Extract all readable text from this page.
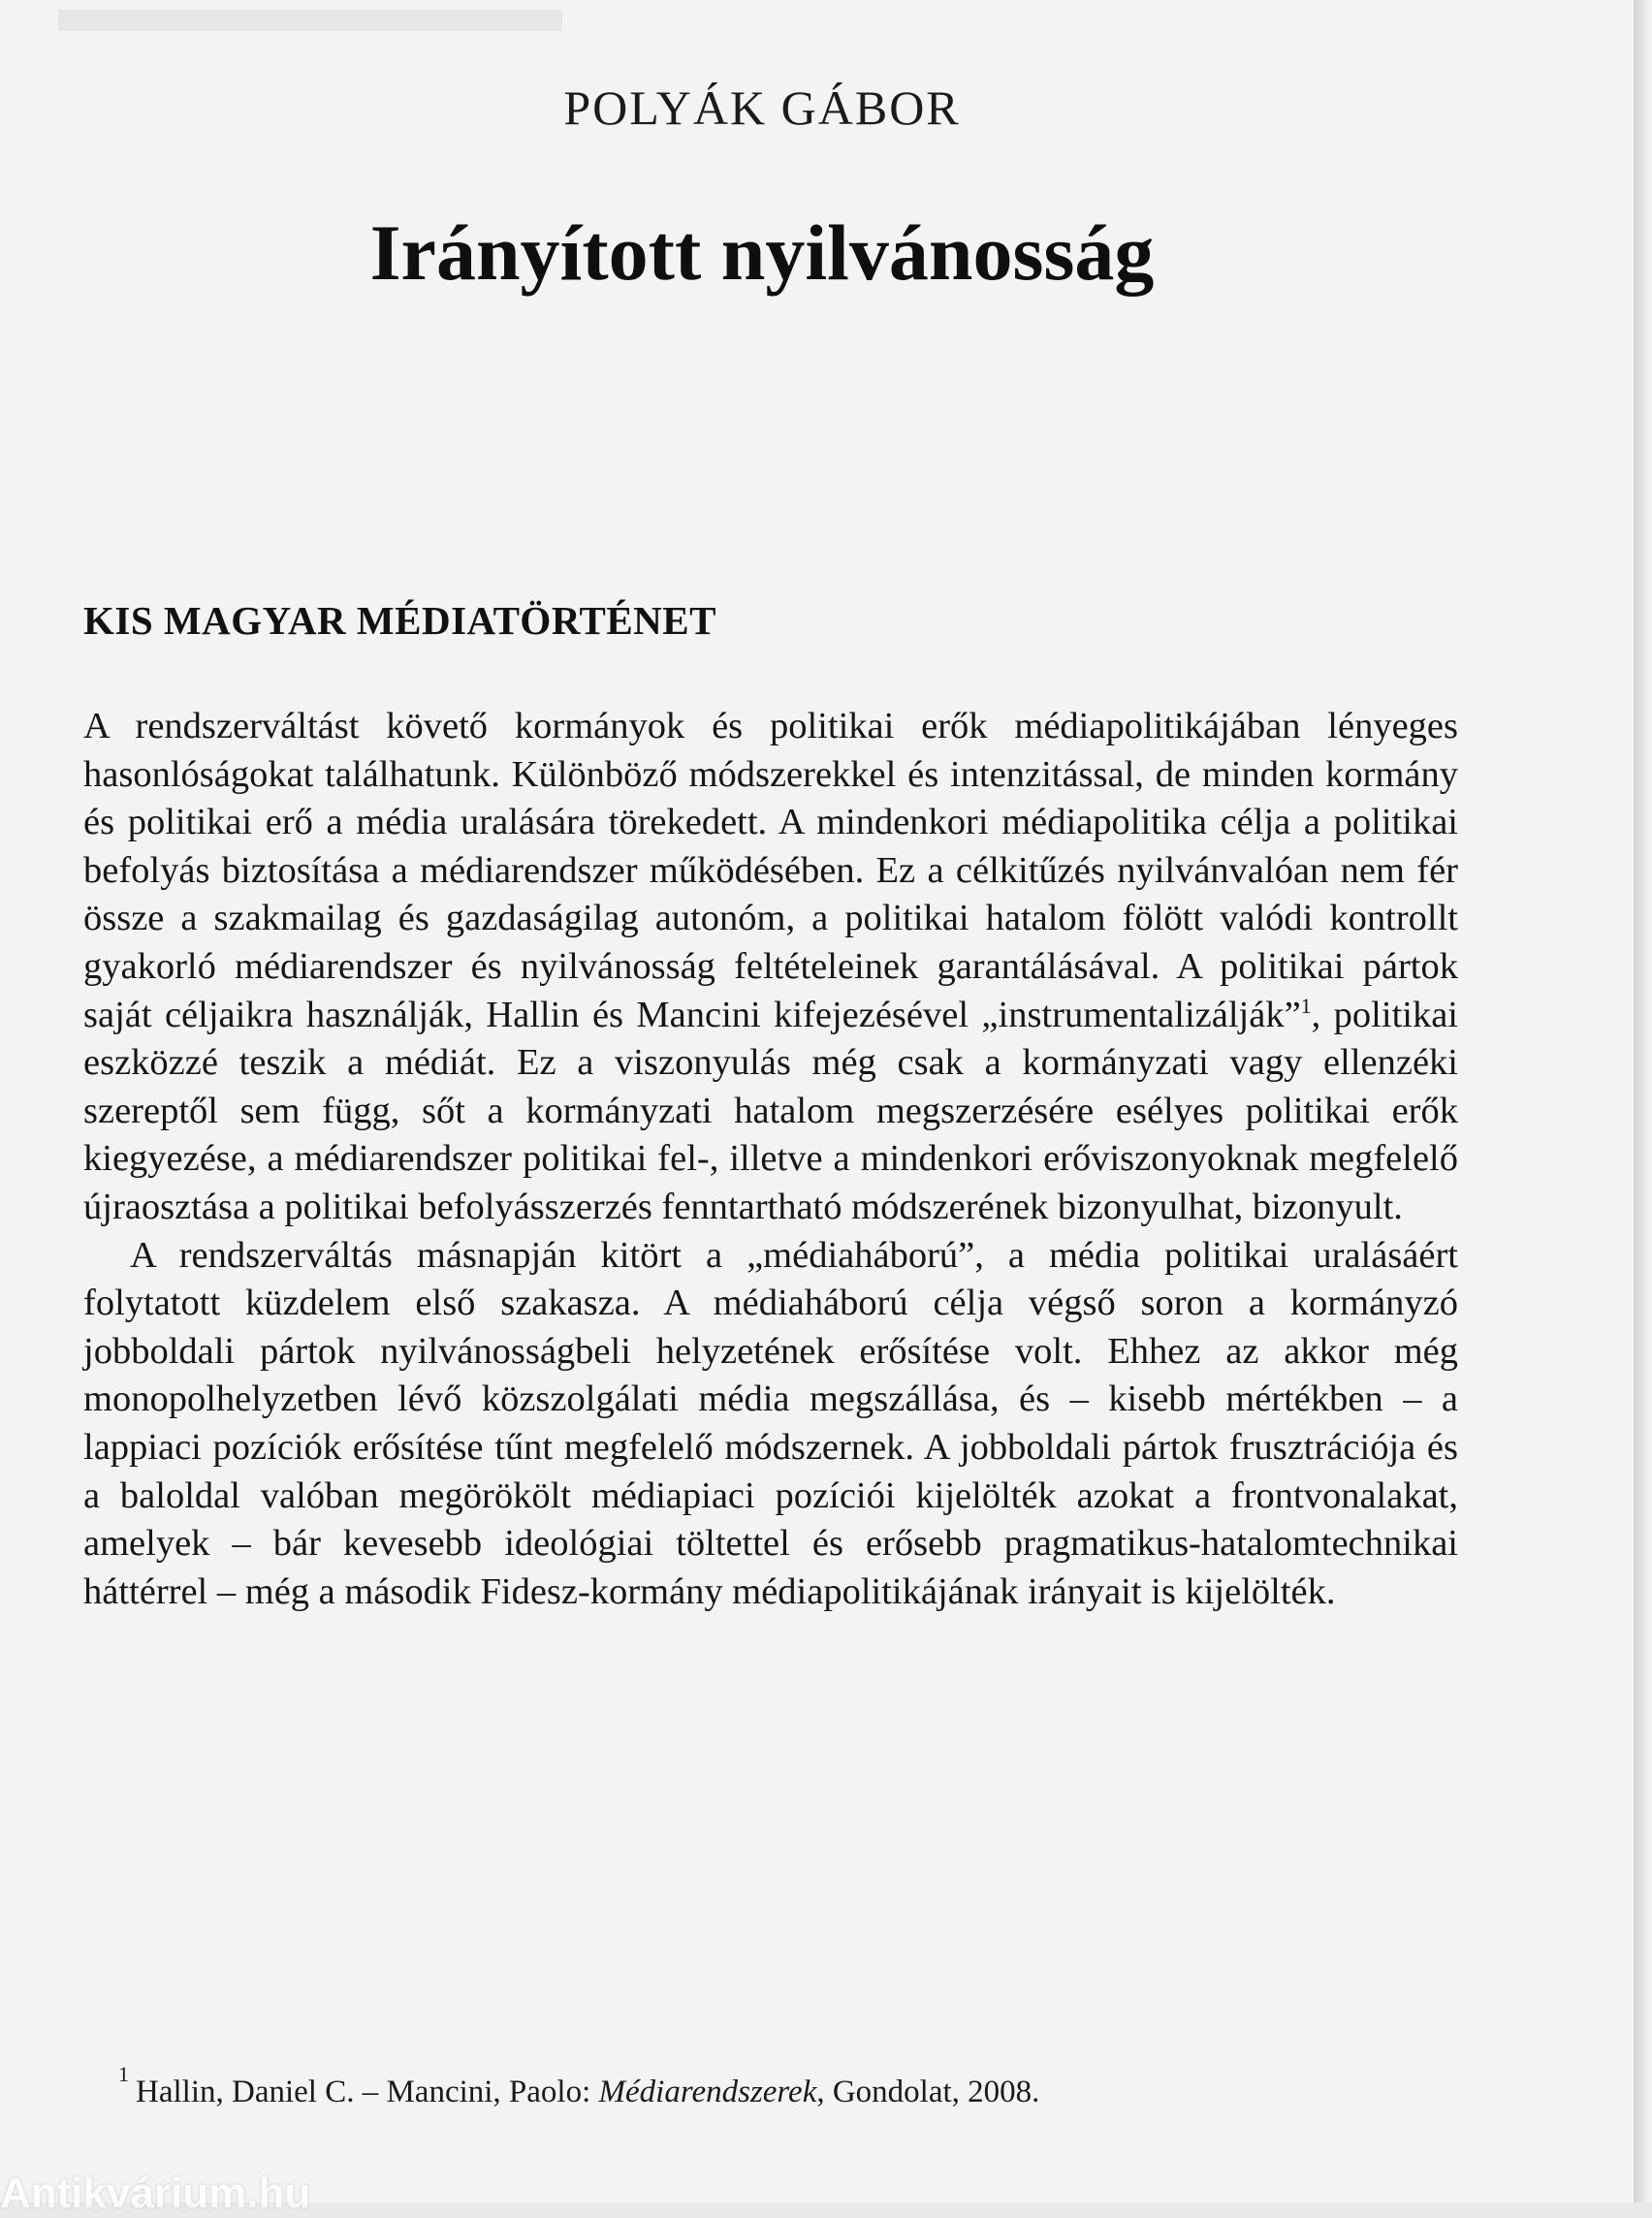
POLYÁK GÁBOR
Irányított nyilvánosság
KIS MAGYAR MÉDIATÖRTÉNET

A rendszerváltást követő kormányok és politikai erők médiapolitikájában lényeges hasonlóságokat találhatunk. Különböző módszerekkel és intenzitással, de minden kormány és politikai erő a média uralására törekedett. A mindenkori médiapolitika célja a politikai befolyás biztosítása a médiarendszer működésében. Ez a célkitűzés nyilvánvalóan nem fér össze a szakmailag és gazdaságilag autonóm, a politikai hatalom fölött valódi kontrollt gyakorló médiarendszer és nyilvánosság feltételeinek garantálásával. A politikai pártok saját céljaikra használják, Hallin és Mancini kifejezésével „instrumentalizálják”$^1$, politikai eszközzé teszik a médiát. Ez a viszonyulás még csak a kormányzati vagy ellenzéki szereptől sem függ, sőt a kormányzati hatalom megszerzésére esélyes politikai erők kiegyezése, a médiarendszer politikai fel-, illetve a mindenkori erőviszonyoknak megfelelő újraosztása a politikai befolyásszerzés fenntartható módszerének bizonyulhat, bizonyult.

A rendszerváltás másnapján kitört a „médiaháború”, a média politikai uralásáért folytatott küzdelem első szakasza. A médiaháború célja végső soron a kormányzó jobboldali pártok nyilvánosságbeli helyzetének erősítése volt. Ehhez az akkor még monopolhelyzetben lévő közszolgálati média megszállása, és – kisebb mértékben – a lappiaci pozíciók erősítése tűnt megfelelő módszernek. A jobboldali pártok frusztrációja és a baloldal valóban megörökölt médiapiaci pozíciói kijelölték azokat a frontvonalakat, amelyek – bár kevesebb ideológiai töltettel és erősebb pragmatikus-hatalomtechnikai háttérrel – még a második Fidesz-kormány médiapolitikájának irányait is kijelölték.

1
Hallin, Daniel C. – Mancini, Paolo: Médiarendszerek, Gondolat, 2008.
Antikvárium.hu
